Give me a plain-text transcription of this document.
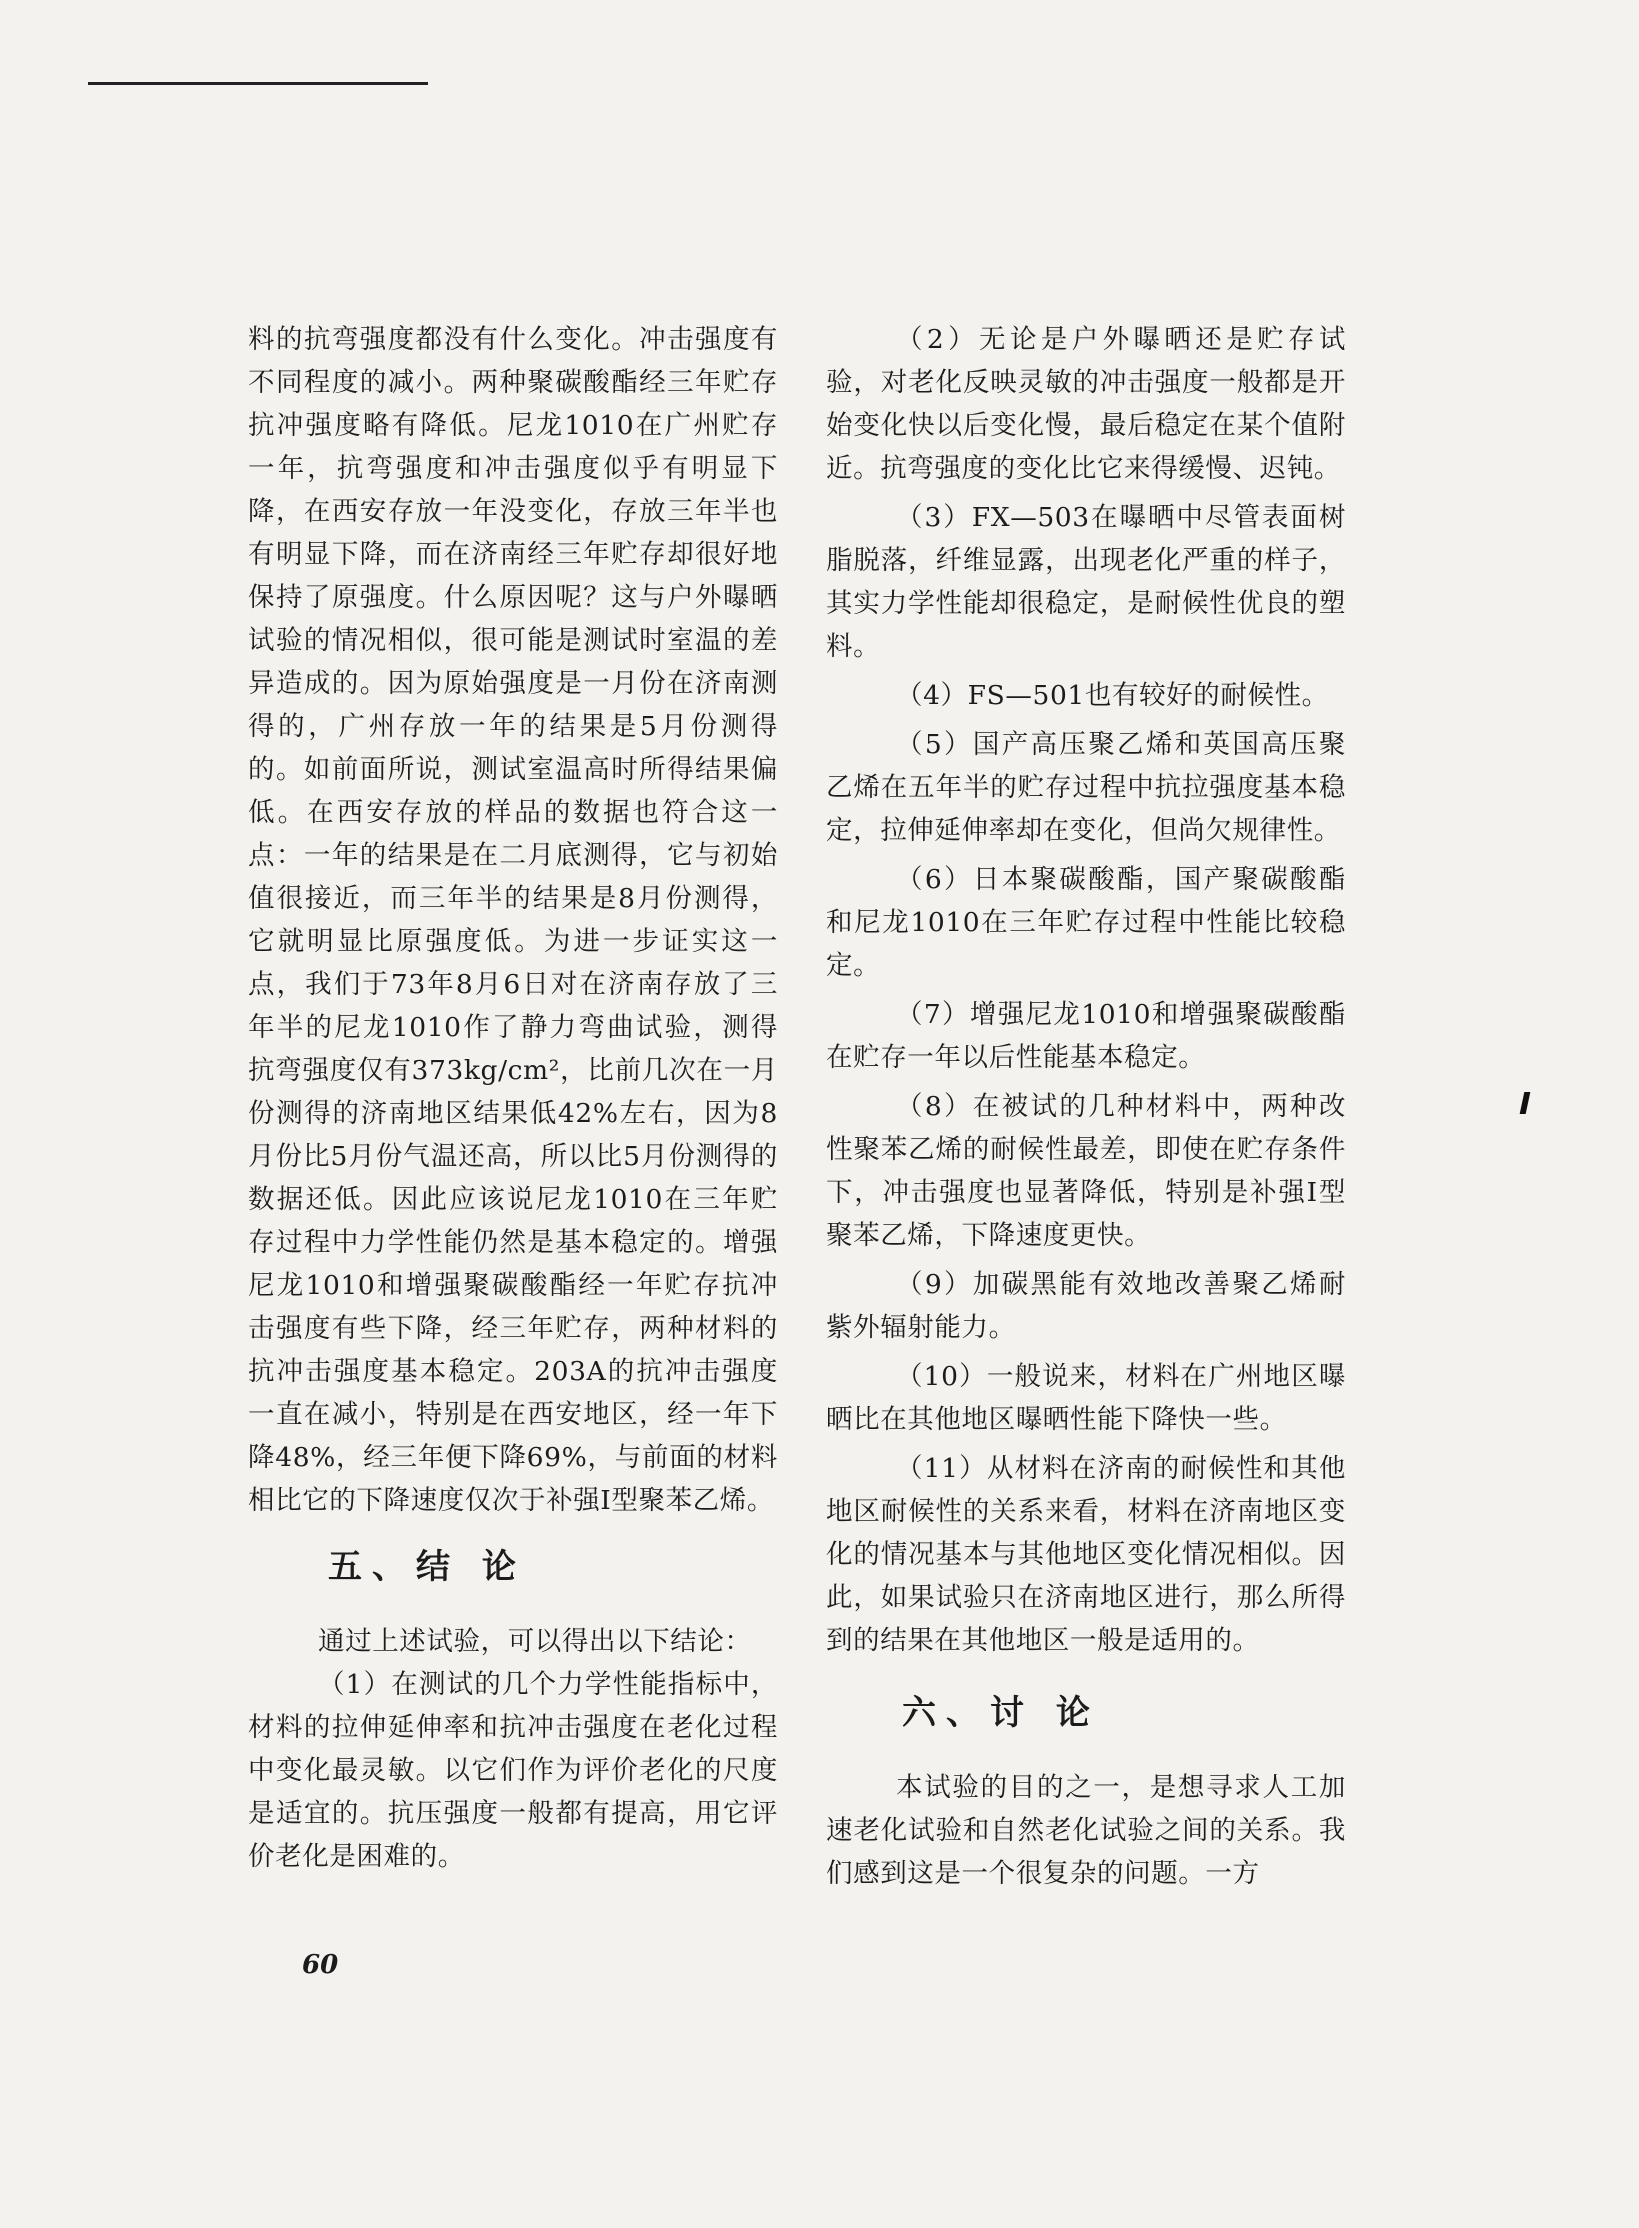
料的抗弯强度都没有什么变化。冲击强度有不同程度的减小。两种聚碳酸酯经三年贮存抗冲强度略有降低。尼龙1010在广州贮存一年，抗弯强度和冲击强度似乎有明显下降，在西安存放一年没变化，存放三年半也有明显下降，而在济南经三年贮存却很好地保持了原强度。什么原因呢？这与户外曝晒试验的情况相似，很可能是测试时室温的差异造成的。因为原始强度是一月份在济南测得的，广州存放一年的结果是5月份测得的。如前面所说，测试室温高时所得结果偏低。在西安存放的样品的数据也符合这一点：一年的结果是在二月底测得，它与初始值很接近，而三年半的结果是8月份测得，它就明显比原强度低。为进一步证实这一点，我们于73年8月6日对在济南存放了三年半的尼龙1010作了静力弯曲试验，测得抗弯强度仅有373kg/cm²，比前几次在一月份测得的济南地区结果低42%左右，因为8月份比5月份气温还高，所以比5月份测得的数据还低。因此应该说尼龙1010在三年贮存过程中力学性能仍然是基本稳定的。增强尼龙1010和增强聚碳酸酯经一年贮存抗冲击强度有些下降，经三年贮存，两种材料的抗冲击强度基本稳定。203A的抗冲击强度一直在减小，特别是在西安地区，经一年下降48%，经三年便下降69%，与前面的材料相比它的下降速度仅次于补强Ⅰ型聚苯乙烯。

五、结 论

通过上述试验，可以得出以下结论：

（1）在测试的几个力学性能指标中，材料的拉伸延伸率和抗冲击强度在老化过程中变化最灵敏。以它们作为评价老化的尺度是适宜的。抗压强度一般都有提高，用它评价老化是困难的。

（2）无论是户外曝晒还是贮存试验，对老化反映灵敏的冲击强度一般都是开始变化快以后变化慢，最后稳定在某个值附近。抗弯强度的变化比它来得缓慢、迟钝。

（3）FX—503在曝晒中尽管表面树脂脱落，纤维显露，出现老化严重的样子，其实力学性能却很稳定，是耐候性优良的塑料。

（4）FS—501也有较好的耐候性。

（5）国产高压聚乙烯和英国高压聚乙烯在五年半的贮存过程中抗拉强度基本稳定，拉伸延伸率却在变化，但尚欠规律性。

（6）日本聚碳酸酯，国产聚碳酸酯和尼龙1010在三年贮存过程中性能比较稳定。

（7）增强尼龙1010和增强聚碳酸酯在贮存一年以后性能基本稳定。

（8）在被试的几种材料中，两种改性聚苯乙烯的耐候性最差，即使在贮存条件下，冲击强度也显著降低，特别是补强Ⅰ型聚苯乙烯，下降速度更快。

（9）加碳黑能有效地改善聚乙烯耐紫外辐射能力。

（10）一般说来，材料在广州地区曝晒比在其他地区曝晒性能下降快一些。

（11）从材料在济南的耐候性和其他地区耐候性的关系来看，材料在济南地区变化的情况基本与其他地区变化情况相似。因此，如果试验只在济南地区进行，那么所得到的结果在其他地区一般是适用的。

六、讨 论

本试验的目的之一，是想寻求人工加速老化试验和自然老化试验之间的关系。我们感到这是一个很复杂的问题。一方

60
